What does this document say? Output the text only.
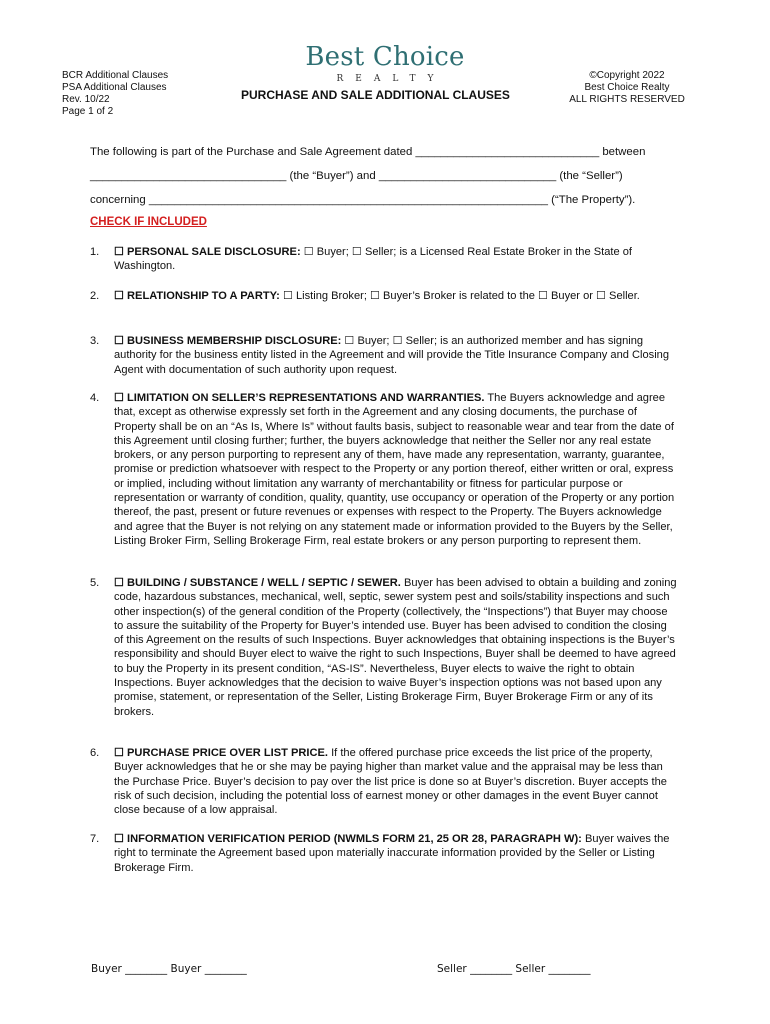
BCR Additional Clauses
PSA Additional Clauses
Rev. 10/22
Page 1 of 2
Best Choice
REALTY
PURCHASE AND SALE ADDITIONAL CLAUSES
©Copyright 2022
Best Choice Realty
ALL RIGHTS RESERVED
The following is part of the Purchase and Sale Agreement dated _____________________________ between
_______________________________ (the “Buyer”) and ____________________________ (the “Seller”)
concerning _______________________________________________________________ (“The Property”).
CHECK IF INCLUDED
1.	☐ PERSONAL SALE DISCLOSURE: ☐ Buyer; ☐ Seller; is a Licensed Real Estate Broker in the State of Washington.
2.	☐ RELATIONSHIP TO A PARTY: ☐ Listing Broker; ☐ Buyer’s Broker is related to the ☐ Buyer or ☐ Seller.
3.	☐ BUSINESS MEMBERSHIP DISCLOSURE: ☐ Buyer; ☐ Seller; is an authorized member and has signing authority for the business entity listed in the Agreement and will provide the Title Insurance Company and Closing Agent with documentation of such authority upon request.
4.	☐ LIMITATION ON SELLER’S REPRESENTATIONS AND WARRANTIES. The Buyers acknowledge and agree that, except as otherwise expressly set forth in the Agreement and any closing documents, the purchase of Property shall be on an “As Is, Where Is” without faults basis, subject to reasonable wear and tear from the date of this Agreement until closing further; further, the buyers acknowledge that neither the Seller nor any real estate brokers, or any person purporting to represent any of them, have made any representation, warranty, guarantee, promise or prediction whatsoever with respect to the Property or any portion thereof, either written or oral, express or implied, including without limitation any warranty of merchantability or fitness for particular purpose or representation or warranty of condition, quality, quantity, use occupancy or operation of the Property or any portion thereof, the past, present or future revenues or expenses with respect to the Property. The Buyers acknowledge and agree that the Buyer is not relying on any statement made or information provided to the Buyers by the Seller, Listing Broker Firm, Selling Brokerage Firm, real estate brokers or any person purporting to represent them.
5.	☐ BUILDING / SUBSTANCE / WELL / SEPTIC / SEWER. Buyer has been advised to obtain a building and zoning code, hazardous substances, mechanical, well, septic, sewer system pest and soils/stability inspections and such other inspection(s) of the general condition of the Property (collectively, the “Inspections”) that Buyer may choose to assure the suitability of the Property for Buyer’s intended use. Buyer has been advised to condition the closing of this Agreement on the results of such Inspections. Buyer acknowledges that obtaining inspections is the Buyer’s responsibility and should Buyer elect to waive the right to such Inspections, Buyer shall be deemed to have agreed to buy the Property in its present condition, “AS-IS”. Nevertheless, Buyer elects to waive the right to obtain Inspections. Buyer acknowledges that the decision to waive Buyer’s inspection options was not based upon any promise, statement, or representation of the Seller, Listing Brokerage Firm, Buyer Brokerage Firm or any of its brokers.
6.	☐ PURCHASE PRICE OVER LIST PRICE. If the offered purchase price exceeds the list price of the property, Buyer acknowledges that he or she may be paying higher than market value and the appraisal may be less than the Purchase Price. Buyer’s decision to pay over the list price is done so at Buyer’s discretion. Buyer accepts the risk of such decision, including the potential loss of earnest money or other damages in the event Buyer cannot close because of a low appraisal.
7.	☐ INFORMATION VERIFICATION PERIOD (NWMLS FORM 21, 25 OR 28, PARAGRAPH W): Buyer waives the right to terminate the Agreement based upon materially inaccurate information provided by the Seller or Listing Brokerage Firm.
Buyer ________ Buyer ________	Seller ________ Seller ________
